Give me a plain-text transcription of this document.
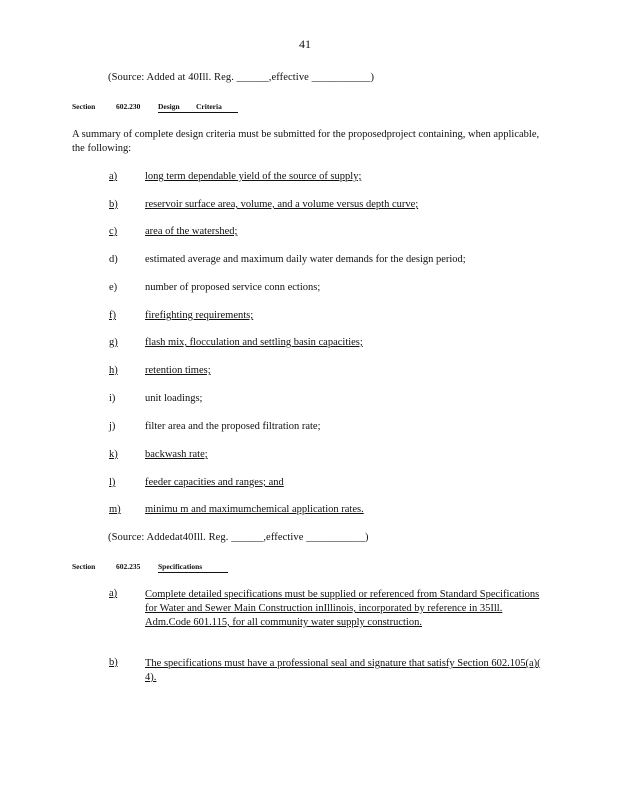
41
(Source: Added at 40Ill. Reg. ______,effective ___________)
Section	602.230 Design Criteria
A summary of complete design criteria must be submitted for the proposedproject containing, when applicable, the following:
a)	long term dependable yield of the source of supply;
b)	reservoir surface area, volume, and a volume versus depth curve;
c)	area of the watershed;
d)	estimated average and maximum daily water demands for the design period;
e)	number of proposed service conn ections;
f)	firefighting requirements;
g)	flash mix, flocculation and settling basin capacities;
h)	retention times;
i)	unit loadings;
j)	filter area and the proposed filtration rate;
k)	backwash rate;
l)	feeder capacities and ranges; and
m) minimu m and maximumchemical application rates.
(Source: Addedat40Ill. Reg. ______,effective ___________)
Section	602.235 Specifications
a)	Complete detailed specifications must be supplied or referenced from Standard Specifications for Water and Sewer Main Construction inIllinois, incorporated by reference in 35Ill. Adm.Code 601.115, for all community water supply construction.
b)	The specifications must have a professional seal and signature that satisfy Section 602.105(a)( 4).
